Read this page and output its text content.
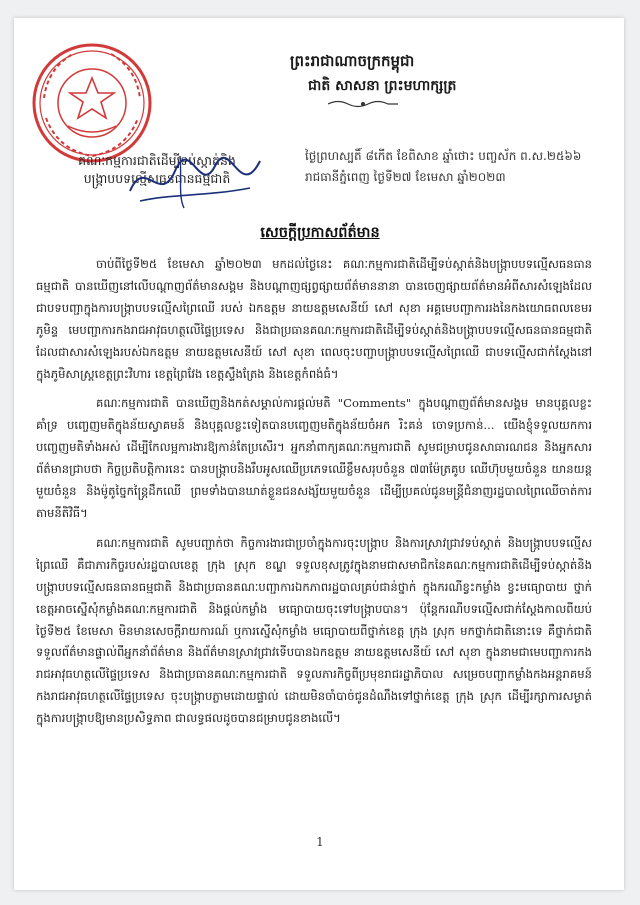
ព្រះរាជាណាចក្រកម្ពុជា
ជាតិ សាសនា ព្រះមហាក្សត្រ
គណៈកម្មការជាតិដើម្បីទប់ស្កាត់និង
បង្ក្រាបបទល្មើសធនធានធម្មជាតិ
ថ្ងៃព្រហស្បតិ៍ ៨កើត ខែពិសាខ ឆ្នាំថោះ បញ្ចស័ក ព.ស.២៥៦៦
រាជធានីភ្នំពេញ ថ្ងៃទី២៧ ខែមេសា ឆ្នាំ២០២៣
សេចក្តីប្រកាសព័ត៌មាន

ចាប់ពីថ្ងៃទី២៥ ខែមេសា ឆ្នាំ២០២៣ មកដល់ថ្ងៃនេះ គណៈកម្មការជាតិដើម្បីទប់ស្កាត់និងបង្ក្រាបបទល្មើសធនធានធម្មជាតិ បានឃើញនៅលើបណ្តាញព័ត៌មានសង្គម និងបណ្តាញផ្សព្វផ្សាយព័ត៌មាននានា បានចេញផ្សាយព័ត៌មានអំពីសារសំឡេងដែលជាបទបញ្ជាក្នុងការបង្ក្រាបបទល្មើសព្រៃឈើ របស់ ឯកឧត្តម នាយឧត្តមសេនីយ៍ សៅ សុខា អគ្គមេបញ្ជាការរងនៃកងយោធពលខេមរភូមិន្ទ មេបញ្ជាការកងរាជអាវុធហត្ថលើផ្ទៃប្រទេស និងជាប្រធានគណៈកម្មការជាតិដើម្បីទប់ស្កាត់និងបង្ក្រាបបទល្មើសធនធានធម្មជាតិ ដែលជាសារសំឡេងរបស់ឯកឧត្តម នាយឧត្តមសេនីយ៍ សៅ សុខា ពេលចុះបញ្ជាបង្ក្រាបបទល្មើសព្រៃឈើ ជាបទល្មើសជាក់ស្តែងនៅក្នុងភូមិសាស្ត្រខេត្តព្រះវិហារ ខេត្តព្រៃវែង ខេត្តស្ទឹងត្រែង និងខេត្តកំពង់ធំ។

គណៈកម្មការជាតិ បានឃើញនិងកត់សម្គាល់ការផ្តល់មតិ "Comments" ក្នុងបណ្តាញព័ត៌មានសង្គម មានបុគ្គលខ្លះគាំទ្រ បញ្ចេញមតិក្នុងន័យស្វាគមន៍ និងបុគ្គលខ្លះទៀតបានបញ្ចេញមតិក្នុងន័យចំអក រិះគន់ ចោទប្រកាន់... យើងខ្ញុំទទួលយកការបញ្ចេញមតិទាំងអស់ ដើម្បីកែលម្អការងារឱ្យកាន់តែប្រសើរ។ អ្នកនាំពាក្យគណៈកម្មការជាតិ សូមជម្រាបជូនសាធារណជន និងអ្នកសារព័ត៌មានជ្រាបថា កិច្ចប្រតិបត្តិការនេះ បានបង្ក្រាបនិងរឹបអូសឈើប្រភេទឈើខ្លឹមសរុបចំនួន ៧៣ម៉ែត្រគូប ឈើហ៊ុបមួយចំនួន យានយន្តមួយចំនួន និងម៉ូតូច្នៃកន្ត្រៃដឹកឈើ ព្រមទាំងបានឃាត់ខ្លួនជនសង្ស័យមួយចំនួន ដើម្បីប្រគល់ជូនមន្ត្រីជំនាញរដ្ឋបាលព្រៃឈើចាត់ការតាមនីតិវិធី។

គណៈកម្មការជាតិ សូមបញ្ជាក់ថា កិច្ចការងារជាប្រចាំក្នុងការចុះបង្ក្រាប និងការស្រាវជ្រាវទប់ស្កាត់ និងបង្ក្រាបបទល្មើសព្រៃឈើ គឺជាភារកិច្ចរបស់រដ្ឋបាលខេត្ត ក្រុង ស្រុក ខណ្ឌ ទទួលខុសត្រូវក្នុងនាមជាសមាជិកនៃគណៈកម្មការជាតិដើម្បីទប់ស្កាត់និងបង្ក្រាបបទល្មើសធនធានធម្មជាតិ និងជាប្រធានគណៈបញ្ជាការឯកភាពរដ្ឋបាលគ្រប់ជាន់ថ្នាក់ ក្នុងករណីខ្វះកម្លាំង ខ្វះមធ្យោបាយ ថ្នាក់ខេត្តអាចស្នើសុំកម្លាំងគណៈកម្មការជាតិ និងផ្តល់កម្លាំង មធ្យោបាយចុះទៅបង្ក្រាបបាន។ ប៉ុន្តែករណីបទល្មើសជាក់ស្តែងកាលពីយប់ថ្ងៃទី២៥ ខែមេសា មិនមានសេចក្តីរាយការណ៍ ឬការស្នើសុំកម្លាំង មធ្យោបាយពីថ្នាក់ខេត្ត ក្រុង ស្រុក មកថ្នាក់ជាតិនោះទេ គឺថ្នាក់ជាតិទទួលព័ត៌មានផ្ទាល់ពីអ្នកនាំព័ត៌មាន និងព័ត៌មានស្រាវជ្រាវទើបបានឯកឧត្តម នាយឧត្តមសេនីយ៍ សៅ សុខា ក្នុងនាមជាមេបញ្ជាការកងរាជអាវុធហត្ថលើផ្ទៃប្រទេស និងជាប្រធានគណៈកម្មការជាតិ ទទួលភារកិច្ចពីប្រមុខរាជរដ្ឋាភិបាល សម្រេចបញ្ជាកម្លាំងកងអន្តរាគមន៍ កងរាជអាវុធហត្ថលើផ្ទៃប្រទេស ចុះបង្ក្រាបភ្លាមដោយផ្ទាល់ ដោយមិនចាំបាច់ជូនដំណឹងទៅថ្នាក់ខេត្ត ក្រុង ស្រុក ដើម្បីរក្សាការសម្ងាត់ក្នុងការបង្ក្រាបឱ្យមានប្រសិទ្ធភាព ជាលទ្ធផលដូចបានជម្រាបជូនខាងលើ។

1
